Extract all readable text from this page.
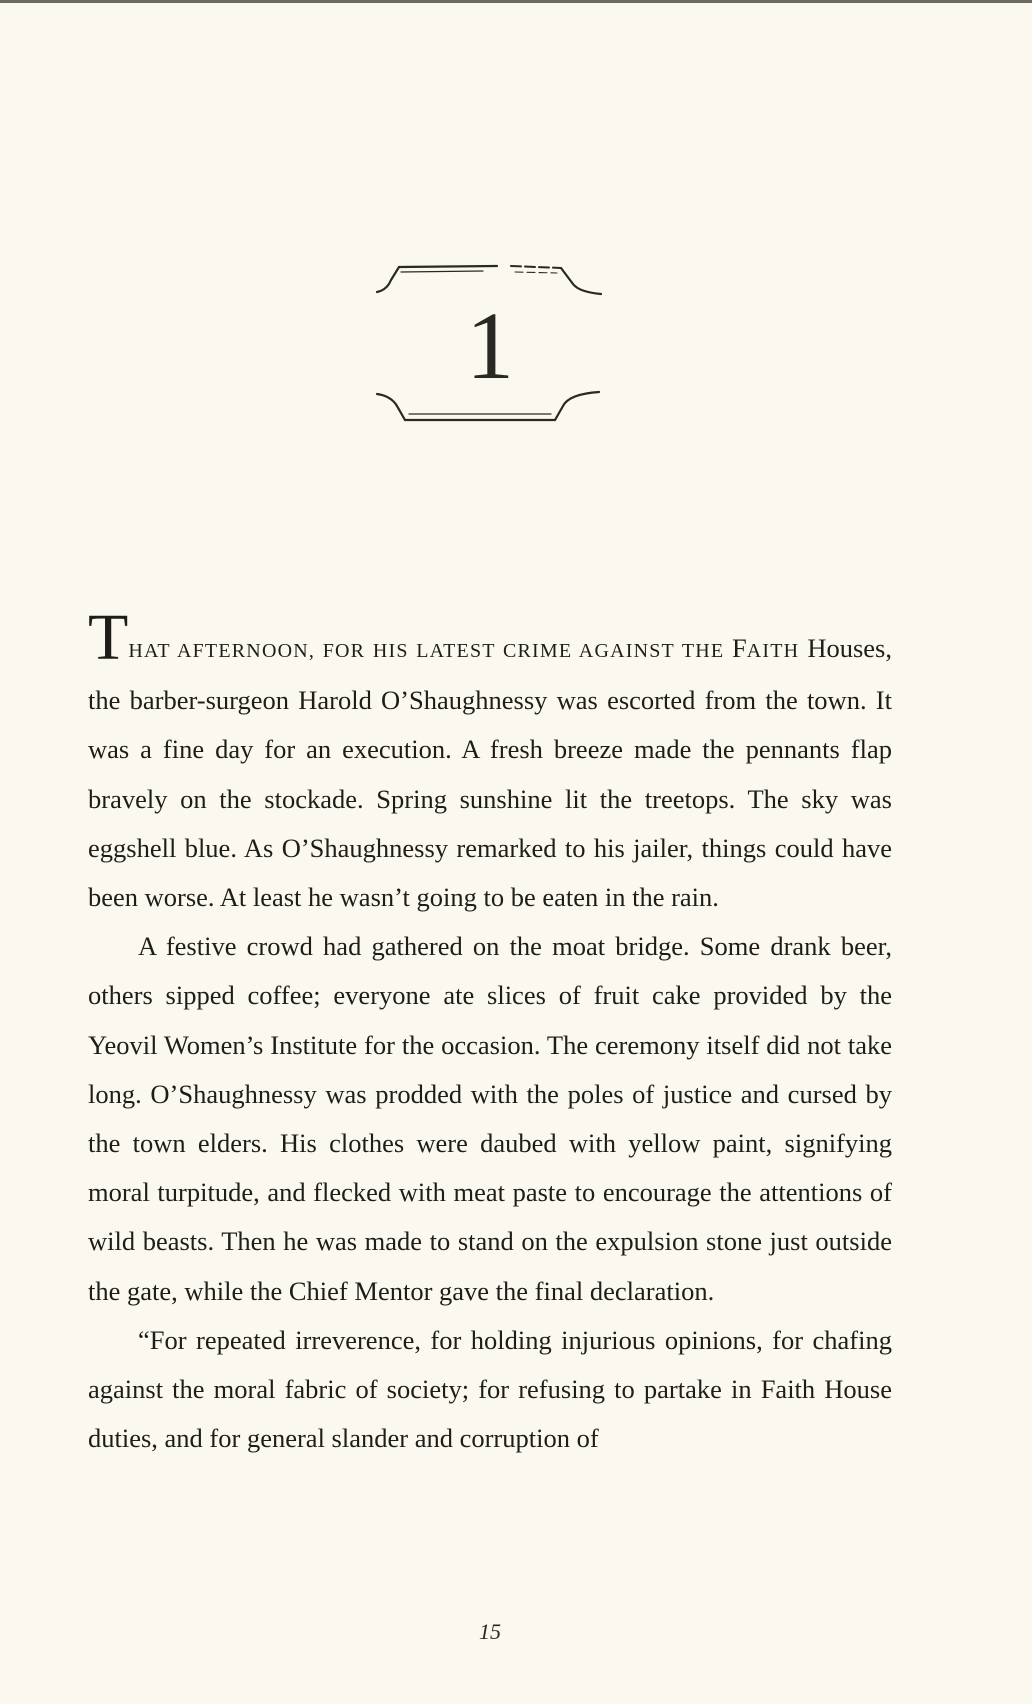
1

THAT AFTERNOON, FOR HIS LATEST CRIME AGAINST THE FAITH Houses, the barber-surgeon Harold O’Shaughnessy was escorted from the town. It was a fine day for an execution. A fresh breeze made the pennants flap bravely on the stockade. Spring sunshine lit the treetops. The sky was eggshell blue. As O’Shaughnessy remarked to his jailer, things could have been worse. At least he wasn’t going to be eaten in the rain.

A festive crowd had gathered on the moat bridge. Some drank beer, others sipped coffee; everyone ate slices of fruit cake provided by the Yeovil Women’s Institute for the occasion. The ceremony itself did not take long. O’Shaughnessy was prodded with the poles of justice and cursed by the town elders. His clothes were daubed with yellow paint, signifying moral turpitude, and flecked with meat paste to encourage the attentions of wild beasts. Then he was made to stand on the expulsion stone just outside the gate, while the Chief Mentor gave the final declaration.

“For repeated irreverence, for holding injurious opinions, for chafing against the moral fabric of society; for refusing to partake in Faith House duties, and for general slander and corruption of

15
